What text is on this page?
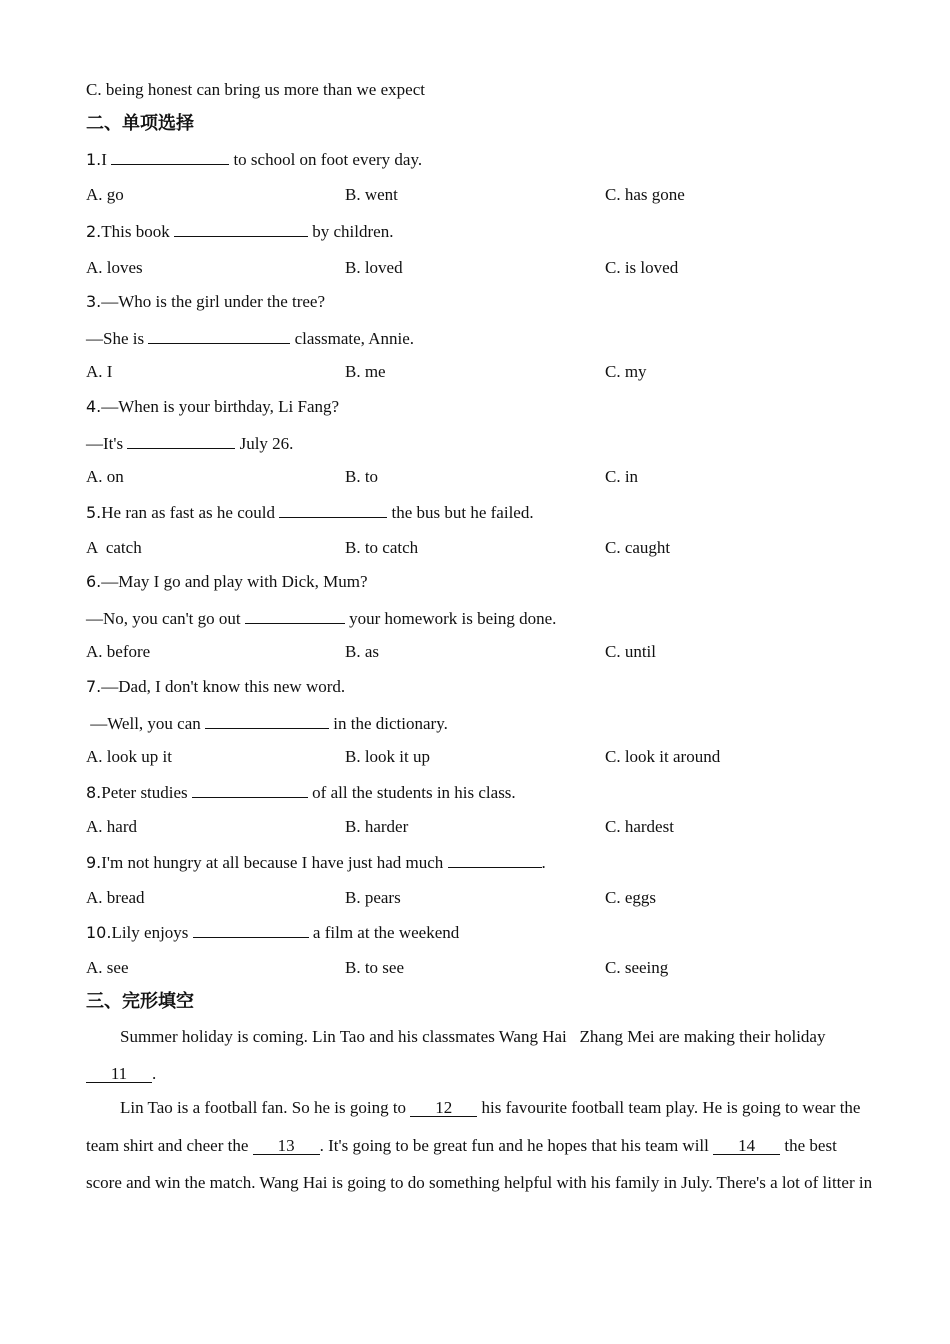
C. being honest can bring us more than we expect
二、单项选择
1.I	to school on foot every day.
A. go	B. went	C. has gone
2.This book	by children.
A. loves	B. loved	C. is loved
3.—Who is the girl under the tree?
—She is	classmate, Annie.
A. I	B. me	C. my
4.—When is your birthday, Li Fang?
—It's	July 26.
A. on	B. to	C. in
5.He ran as fast as he could	the bus but he failed.
A  catch	B. to catch	C. caught
6.—May I go and play with Dick, Mum?
—No, you can't go out	your homework is being done.
A. before	B. as	C. until
7.—Dad, I don't know this new word.
—Well, you can	in the dictionary.
A. look up it	B. look it up	C. look it around
8.Peter studies	of all the students in his class.
A. hard	B. harder	C. hardest
9.I'm not hungry at all because I have just had much	.
A. bread	B. pears	C. eggs
10.Lily enjoys	a film at the weekend
A. see	B. to see	C. seeing
三、完形填空
Summer holiday is coming. Lin Tao and his classmates Wang Hai   Zhang Mei are making their holiday
11 .
Lin Tao is a football fan. So he is going to 12 his favourite football team play. He is going to wear the
team shirt and cheer the 13 . It's going to be great fun and he hopes that his team will 14 the best
score and win the match. Wang Hai is going to do something helpful with his family in July. There's a lot of litter in
